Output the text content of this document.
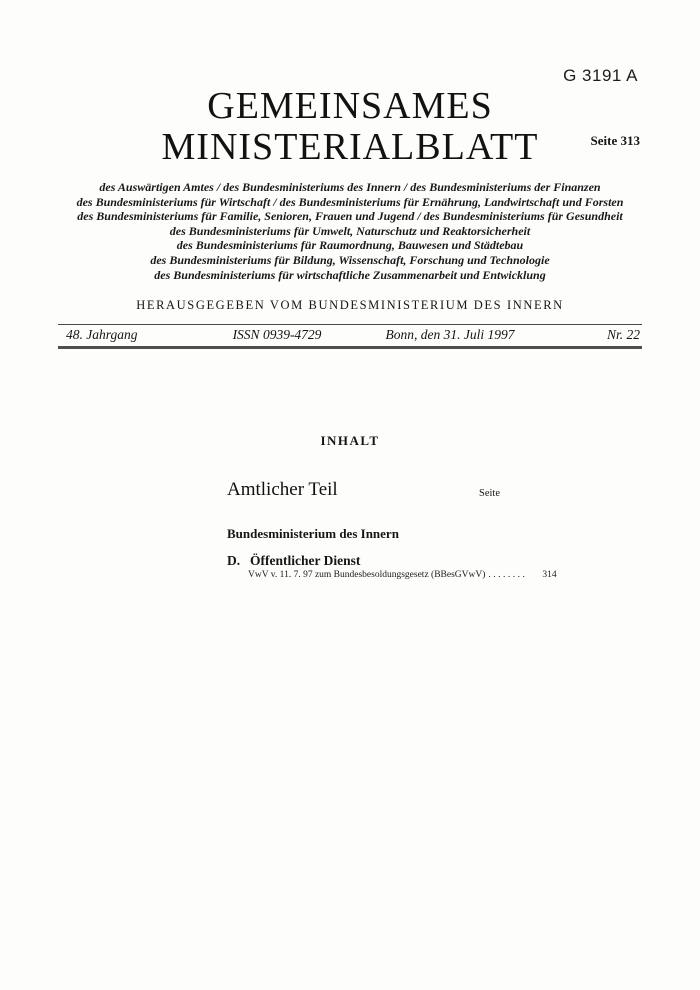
G 3191 A
GEMEINSAMES
MINISTERIALBLATT	Seite 313
des Auswärtigen Amtes / des Bundesministeriums des Innern / des Bundesministeriums der Finanzen
des Bundesministeriums für Wirtschaft / des Bundesministeriums für Ernährung, Landwirtschaft und Forsten
des Bundesministeriums für Familie, Senioren, Frauen und Jugend / des Bundesministeriums für Gesundheit
des Bundesministeriums für Umwelt, Naturschutz und Reaktorsicherheit
des Bundesministeriums für Raumordnung, Bauwesen und Städtebau
des Bundesministeriums für Bildung, Wissenschaft, Forschung und Technologie
des Bundesministeriums für wirtschaftliche Zusammenarbeit und Entwicklung
HERAUSGEGEBEN VOM BUNDESMINISTERIUM DES INNERN
48. Jahrgang	ISSN 0939-4729	Bonn, den 31. Juli 1997	Nr. 22
INHALT
Amtlicher Teil	Seite
Bundesministerium des Innern
D. Öffentlicher Dienst
VwV v. 11. 7. 97 zum Bundesbesoldungsgesetz (BBesGVwV) ........ 314
